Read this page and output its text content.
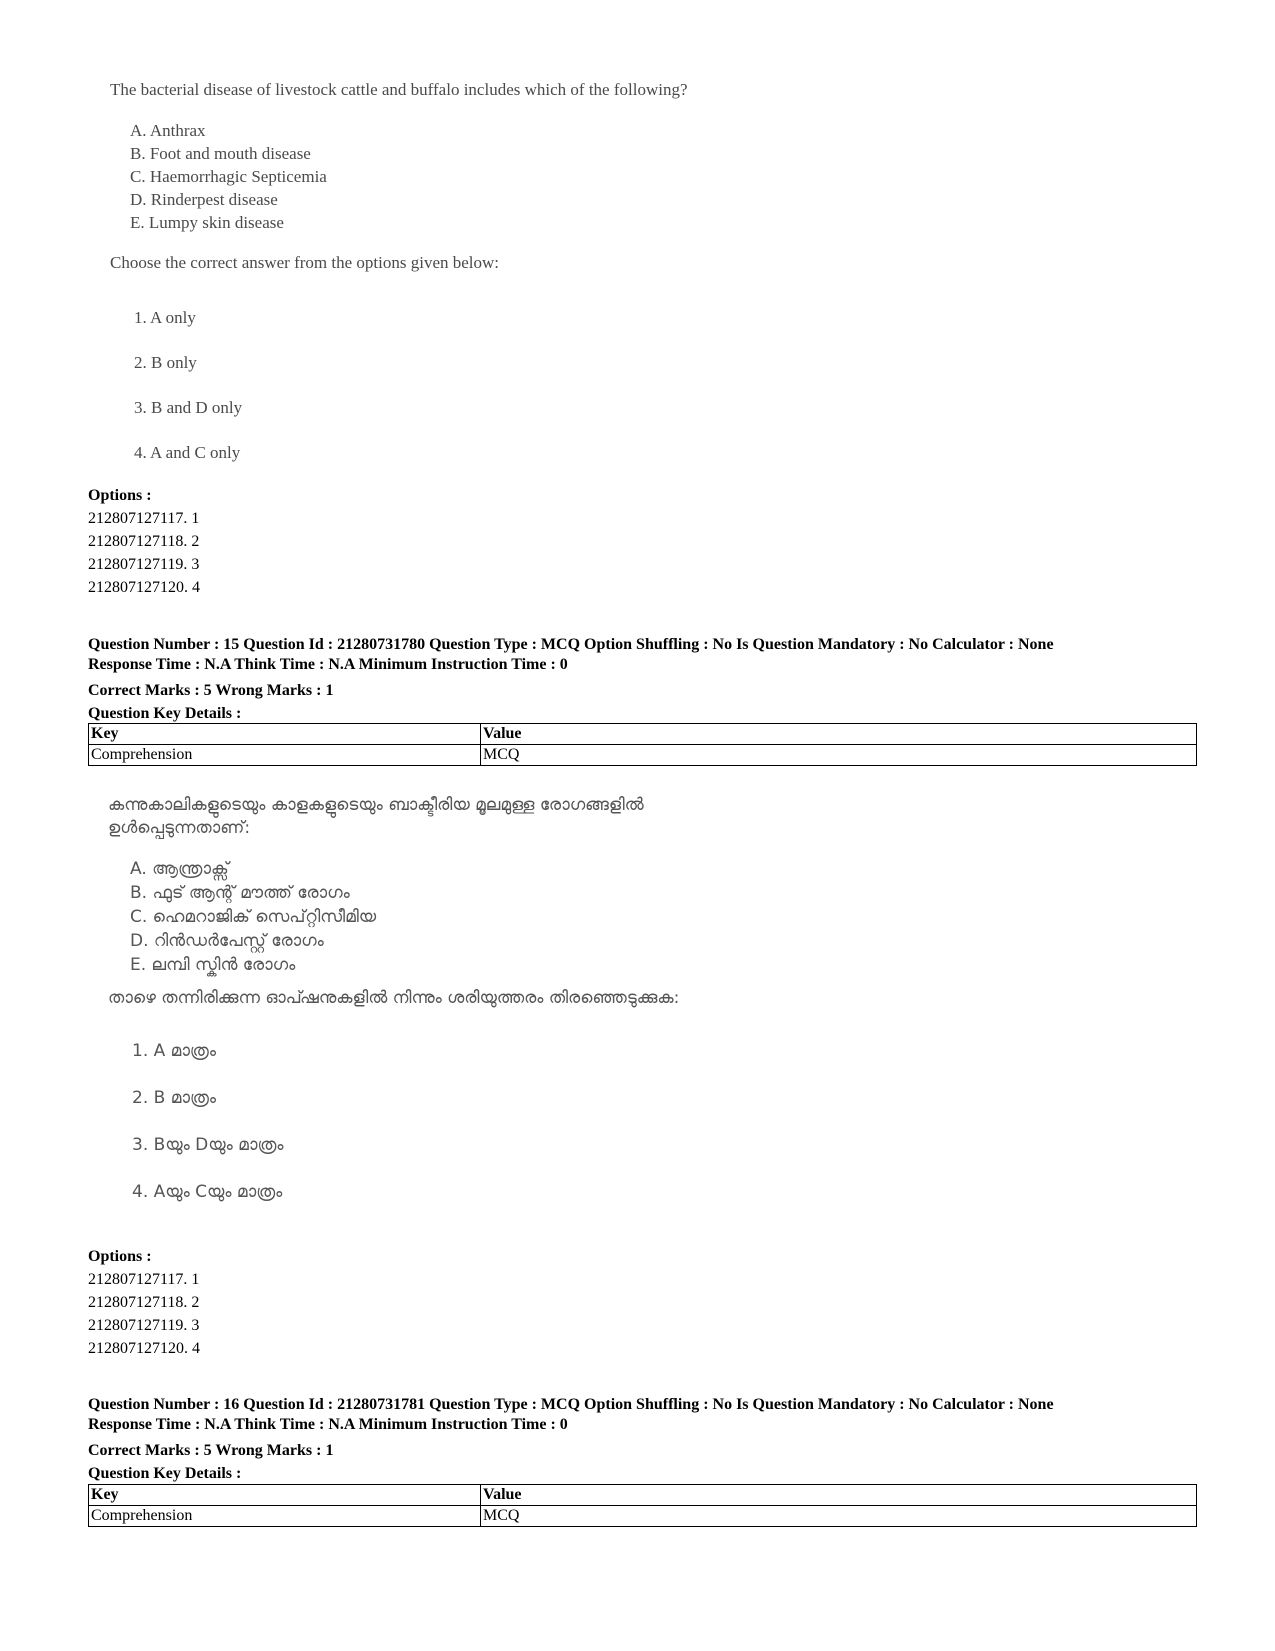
The bacterial disease of livestock cattle and buffalo includes which of the following?
A. Anthrax
B. Foot and mouth disease
C. Haemorrhagic Septicemia
D. Rinderpest disease
E. Lumpy skin disease
Choose the correct answer from the options given below:
1. A only
2. B only
3. B and D only
4. A and C only
Options :
212807127117. 1
212807127118. 2
212807127119. 3
212807127120. 4
Question Number : 15 Question Id : 21280731780 Question Type : MCQ Option Shuffling : No Is Question Mandatory : No Calculator : None
Response Time : N.A Think Time : N.A Minimum Instruction Time : 0
Correct Marks : 5 Wrong Marks : 1
Question Key Details :
Key	Value
Comprehension	MCQ
കന്നുകാലികളുടെയും കാളകളുടെയും ബാക്ടീരിയ മൂലമുള്ള രോഗങ്ങളിൽ
ഉൾപ്പെടുന്നതാണ്:
A. ആന്ത്രാക്സ്
B. ഫുട് ആന്റ് മൗത്ത് രോഗം
C. ഹെമറാജിക് സെപ്റ്റിസീമിയ
D. റിൻഡർപേസ്റ്റ് രോഗം
E. ലമ്പി സ്കിൻ രോഗം
താഴെ തന്നിരിക്കുന്ന ഓപ്ഷനുകളിൽ നിന്നും ശരിയുത്തരം തിരഞ്ഞെടുക്കുക:
1. A മാത്രം
2. B മാത്രം
3. Bയും Dയും മാത്രം
4. Aയും Cയും മാത്രം
Options :
212807127117. 1
212807127118. 2
212807127119. 3
212807127120. 4
Question Number : 16 Question Id : 21280731781 Question Type : MCQ Option Shuffling : No Is Question Mandatory : No Calculator : None
Response Time : N.A Think Time : N.A Minimum Instruction Time : 0
Correct Marks : 5 Wrong Marks : 1
Question Key Details :
Key	Value
Comprehension	MCQ
